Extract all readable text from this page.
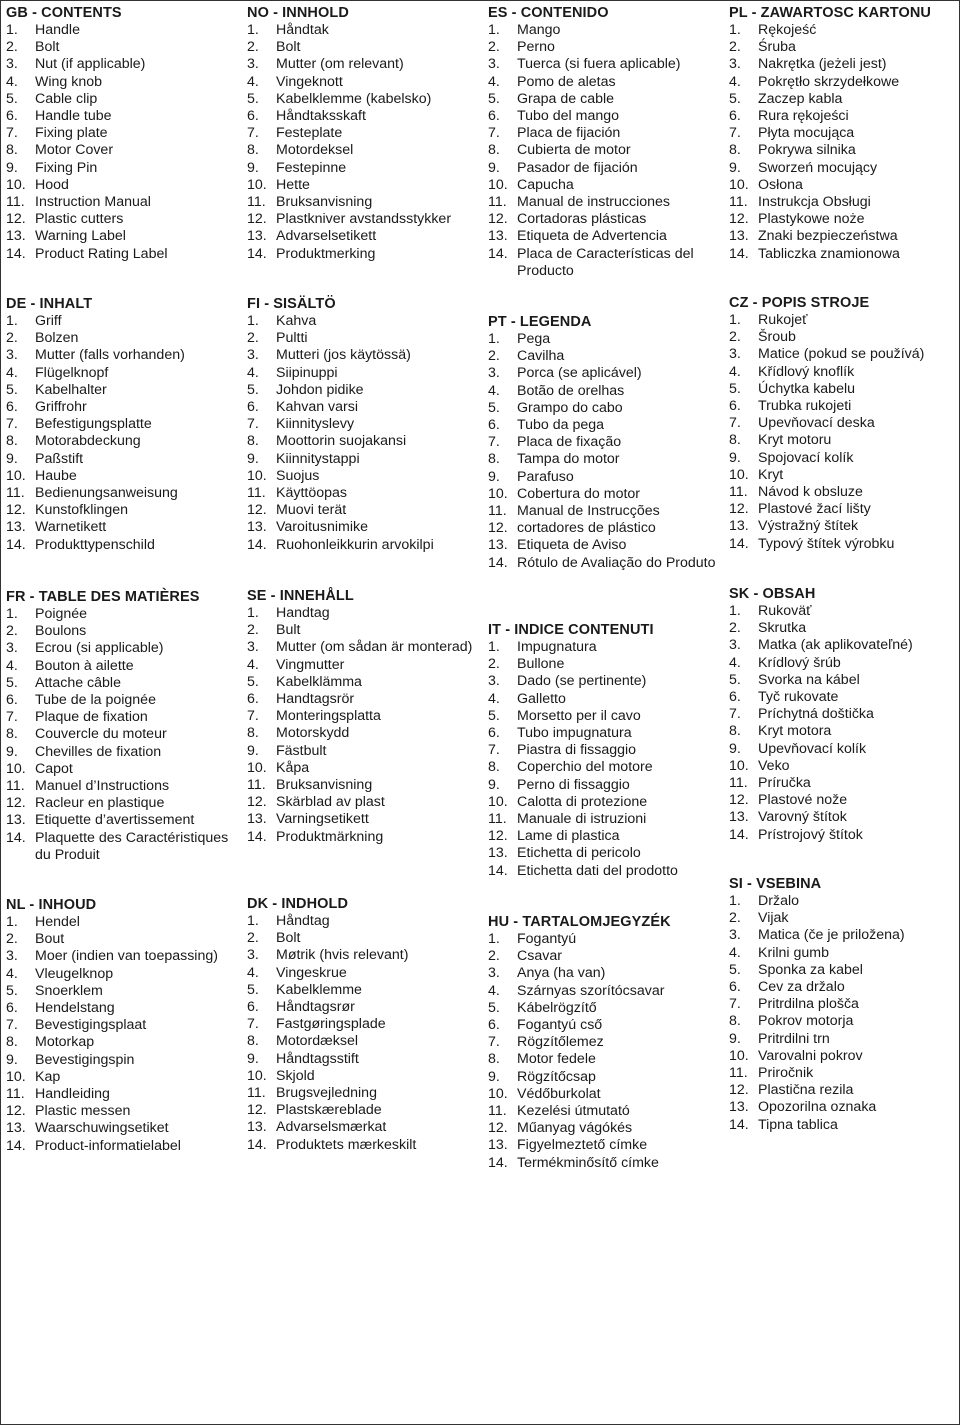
GB - CONTENTS
1. Handle
2. Bolt
3. Nut (if applicable)
4. Wing knob
5. Cable clip
6. Handle tube
7. Fixing plate
8. Motor Cover
9. Fixing Pin
10. Hood
11. Instruction Manual
12. Plastic cutters
13. Warning Label
14. Product Rating Label
DE - INHALT
1. Griff
2. Bolzen
3. Mutter (falls vorhanden)
4. Flügelknopf
5. Kabelhalter
6. Griffrohr
7. Befestigungsplatte
8. Motorabdeckung
9. Paßstift
10. Haube
11. Bedienungsanweisung
12. Kunstofklingen
13. Warnetikett
14. Produkttypenschild
FR - TABLE DES MATIÈRES
1. Poignée
2. Boulons
3. Ecrou (si applicable)
4. Bouton à ailette
5. Attache câble
6. Tube de la poignée
7. Plaque de fixation
8. Couvercle du moteur
9. Chevilles de fixation
10. Capot
11. Manuel d’Instructions
12. Racleur en plastique
13. Etiquette d’avertissement
14. Plaquette des Caractéristiques du Produit
NL - INHOUD
1. Hendel
2. Bout
3. Moer (indien van toepassing)
4. Vleugelknop
5. Snoerklem
6. Hendelstang
7. Bevestigingsplaat
8. Motorkap
9. Bevestigingspin
10. Kap
11. Handleiding
12. Plastic messen
13. Waarschuwingsetiket
14. Product-informatielabel
NO - INNHOLD
1. Håndtak
2. Bolt
3. Mutter (om relevant)
4. Vingeknott
5. Kabelklemme (kabelsko)
6. Håndtaksskaft
7. Festeplate
8. Motordeksel
9. Festepinne
10. Hette
11. Bruksanvisning
12. Plastkniver avstandsstykker
13. Advarselsetikett
14. Produktmerking
FI - SISÄLTÖ
1. Kahva
2. Pultti
3. Mutteri (jos käytössä)
4. Siipinuppi
5. Johdon pidike
6. Kahvan varsi
7. Kiinnityslevy
8. Moottorin suojakansi
9. Kiinnitystappi
10. Suojus
11. Käyttöopas
12. Muovi terät
13. Varoitusnimike
14. Ruohonleikkurin arvokilpi
SE - INNEHÅLL
1. Handtag
2. Bult
3. Mutter (om sådan är monterad)
4. Vingmutter
5. Kabelklämma
6. Handtagsrör
7. Monteringsplatta
8. Motorskydd
9. Fästbult
10. Kåpa
11. Bruksanvisning
12. Skärblad av plast
13. Varningsetikett
14. Produktmärkning
DK - INDHOLD
1. Håndtag
2. Bolt
3. Møtrik (hvis relevant)
4. Vingeskrue
5. Kabelklemme
6. Håndtagsrør
7. Fastgøringsplade
8. Motordæksel
9. Håndtagsstift
10. Skjold
11. Brugsvejledning
12. Plastskæreblade
13. Advarselsmærkat
14. Produktets mærkeskilt
ES - CONTENIDO
1. Mango
2. Perno
3. Tuerca (si fuera aplicable)
4. Pomo de aletas
5. Grapa de cable
6. Tubo del mango
7. Placa de fijación
8. Cubierta de motor
9. Pasador de fijación
10. Capucha
11. Manual de instrucciones
12. Cortadoras plásticas
13. Etiqueta de Advertencia
14. Placa de Características del Producto
PT - LEGENDA
1. Pega
2. Cavilha
3. Porca (se aplicável)
4. Botão de orelhas
5. Grampo do cabo
6. Tubo da pega
7. Placa de fixação
8. Tampa do motor
9. Parafuso
10. Cobertura do motor
11. Manual de Instrucções
12. cortadores de plástico
13. Etiqueta de Aviso
14. Rótulo de Avaliação do Produto
IT - INDICE CONTENUTI
1. Impugnatura
2. Bullone
3. Dado (se pertinente)
4. Galletto
5. Morsetto per il cavo
6. Tubo impugnatura
7. Piastra di fissaggio
8. Coperchio del motore
9. Perno di fissaggio
10. Calotta di protezione
11. Manuale di istruzioni
12. Lame di plastica
13. Etichetta di pericolo
14. Etichetta dati del prodotto
HU - TARTALOMJEGYZÉK
1. Fogantyú
2. Csavar
3. Anya (ha van)
4. Szárnyas szorítócsavar
5. Kábelrögzítő
6. Fogantyú cső
7. Rögzítőlemez
8. Motor fedele
9. Rögzítőcsap
10. Védőburkolat
11. Kezelési útmutató
12. Műanyag vágókés
13. Figyelmeztető címke
14. Termékminősítő címke
PL - ZAWARTOSC KARTONU
1. Rękojeść
2. Śruba
3. Nakrętka (jeżeli jest)
4. Pokrętło skrzydełkowe
5. Zaczep kabla
6. Rura rękojeści
7. Płyta mocująca
8. Pokrywa silnika
9. Sworzeń mocujący
10. Osłona
11. Instrukcja Obsługi
12. Plastykowe noże
13. Znaki bezpieczeństwa
14. Tabliczka znamionowa
CZ - POPIS STROJE
1. Rukojeť
2. Šroub
3. Matice (pokud se používá)
4. Křídlový knoflík
5. Úchytka kabelu
6. Trubka rukojeti
7. Upevňovací deska
8. Kryt motoru
9. Spojovací kolík
10. Kryt
11. Návod k obsluze
12. Plastové žací lišty
13. Výstražný štítek
14. Typový štítek výrobku
SK - OBSAH
1. Rukoväť
2. Skrutka
3. Matka (ak aplikovateľné)
4. Krídlový šrúb
5. Svorka na kábel
6. Tyč rukovate
7. Príchytná doštička
8. Kryt motora
9. Upevňovací kolík
10. Veko
11. Príručka
12. Plastové nože
13. Varovný štítok
14. Prístrojový štítok
SI - VSEBINA
1. Držalo
2. Vijak
3. Matica (če je priložena)
4. Krilni gumb
5. Sponka za kabel
6. Cev za držalo
7. Pritrdilna plošča
8. Pokrov motorja
9. Pritrdilni trn
10. Varovalni pokrov
11. Priročnik
12. Plastična rezila
13. Opozorilna oznaka
14. Tipna tablica
